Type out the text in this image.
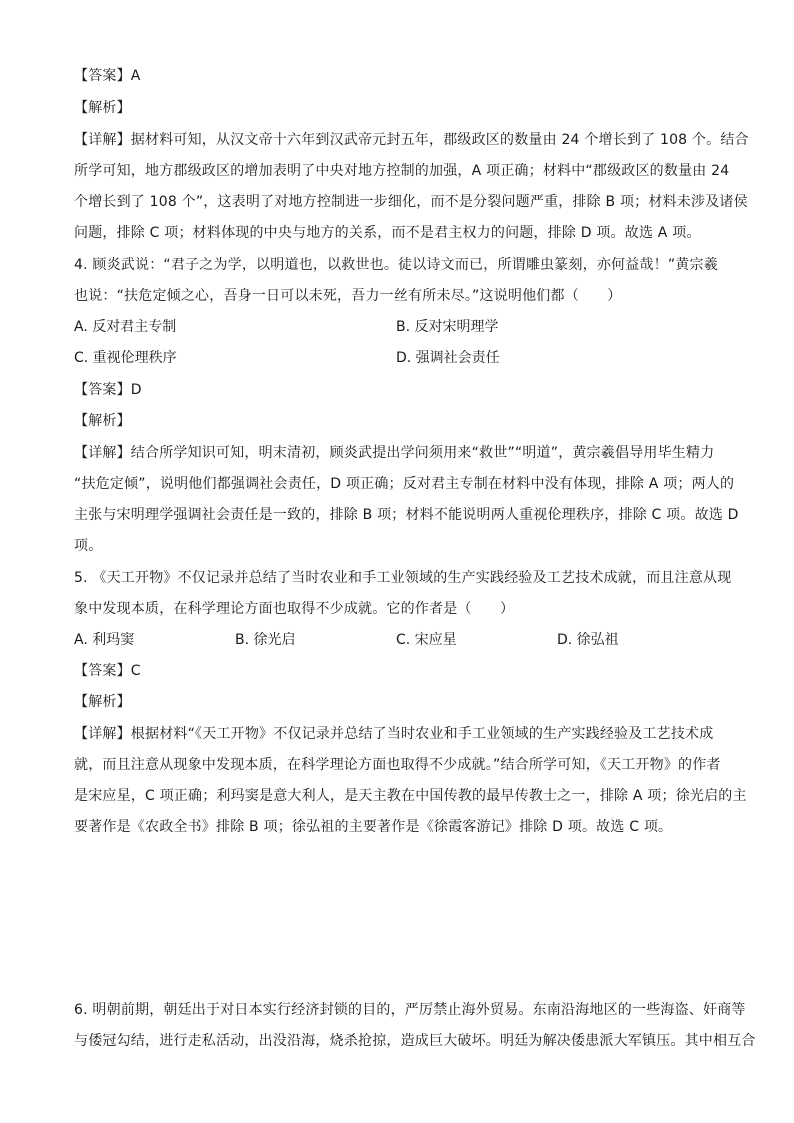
【答案】A
【解析】
【详解】据材料可知，从汉文帝十六年到汉武帝元封五年，郡级政区的数量由 24 个增长到了 108 个。结合
所学可知，地方郡级政区的增加表明了中央对地方控制的加强，A 项正确；材料中“郡级政区的数量由 24
个增长到了 108 个”，这表明了对地方控制进一步细化，而不是分裂问题严重，排除 B 项；材料未涉及诸侯
问题，排除 C 项；材料体现的中央与地方的关系，而不是君主权力的问题，排除 D 项。故选 A 项。
4. 顾炎武说：“君子之为学，以明道也，以救世也。徒以诗文而已，所谓雕虫篆刻，亦何益哉！”黄宗羲
也说：“扶危定倾之心，吾身一日可以未死，吾力一丝有所未尽。”这说明他们都（　　）
A. 反对君主专制	B. 反对宋明理学
C. 重视伦理秩序	D. 强调社会责任
【答案】D
【解析】
【详解】结合所学知识可知，明末清初，顾炎武提出学问须用来“救世”“明道”，黄宗羲倡导用毕生精力
“扶危定倾”，说明他们都强调社会责任，D 项正确；反对君主专制在材料中没有体现，排除 A 项；两人的
主张与宋明理学强调社会责任是一致的，排除 B 项；材料不能说明两人重视伦理秩序，排除 C 项。故选 D
项。
5. 《天工开物》不仅记录并总结了当时农业和手工业领域的生产实践经验及工艺技术成就，而且注意从现
象中发现本质，在科学理论方面也取得不少成就。它的作者是（　　）
A. 利玛窦	B. 徐光启	C. 宋应星	D. 徐弘祖
【答案】C
【解析】
【详解】根据材料“《天工开物》不仅记录并总结了当时农业和手工业领域的生产实践经验及工艺技术成
就，而且注意从现象中发现本质，在科学理论方面也取得不少成就。”结合所学可知，《天工开物》的作者
是宋应星，C 项正确；利玛窦是意大利人，是天主教在中国传教的最早传教士之一，排除 A 项；徐光启的主
要著作是《农政全书》排除 B 项；徐弘祖的主要著作是《徐霞客游记》排除 D 项。故选 C 项。
6. 明朝前期，朝廷出于对日本实行经济封锁的目的，严厉禁止海外贸易。东南沿海地区的一些海盗、奸商等
与倭冠勾结，进行走私活动，出没沿海，烧杀抢掠，造成巨大破坏。明廷为解决倭患派大军镇压。其中相互合
